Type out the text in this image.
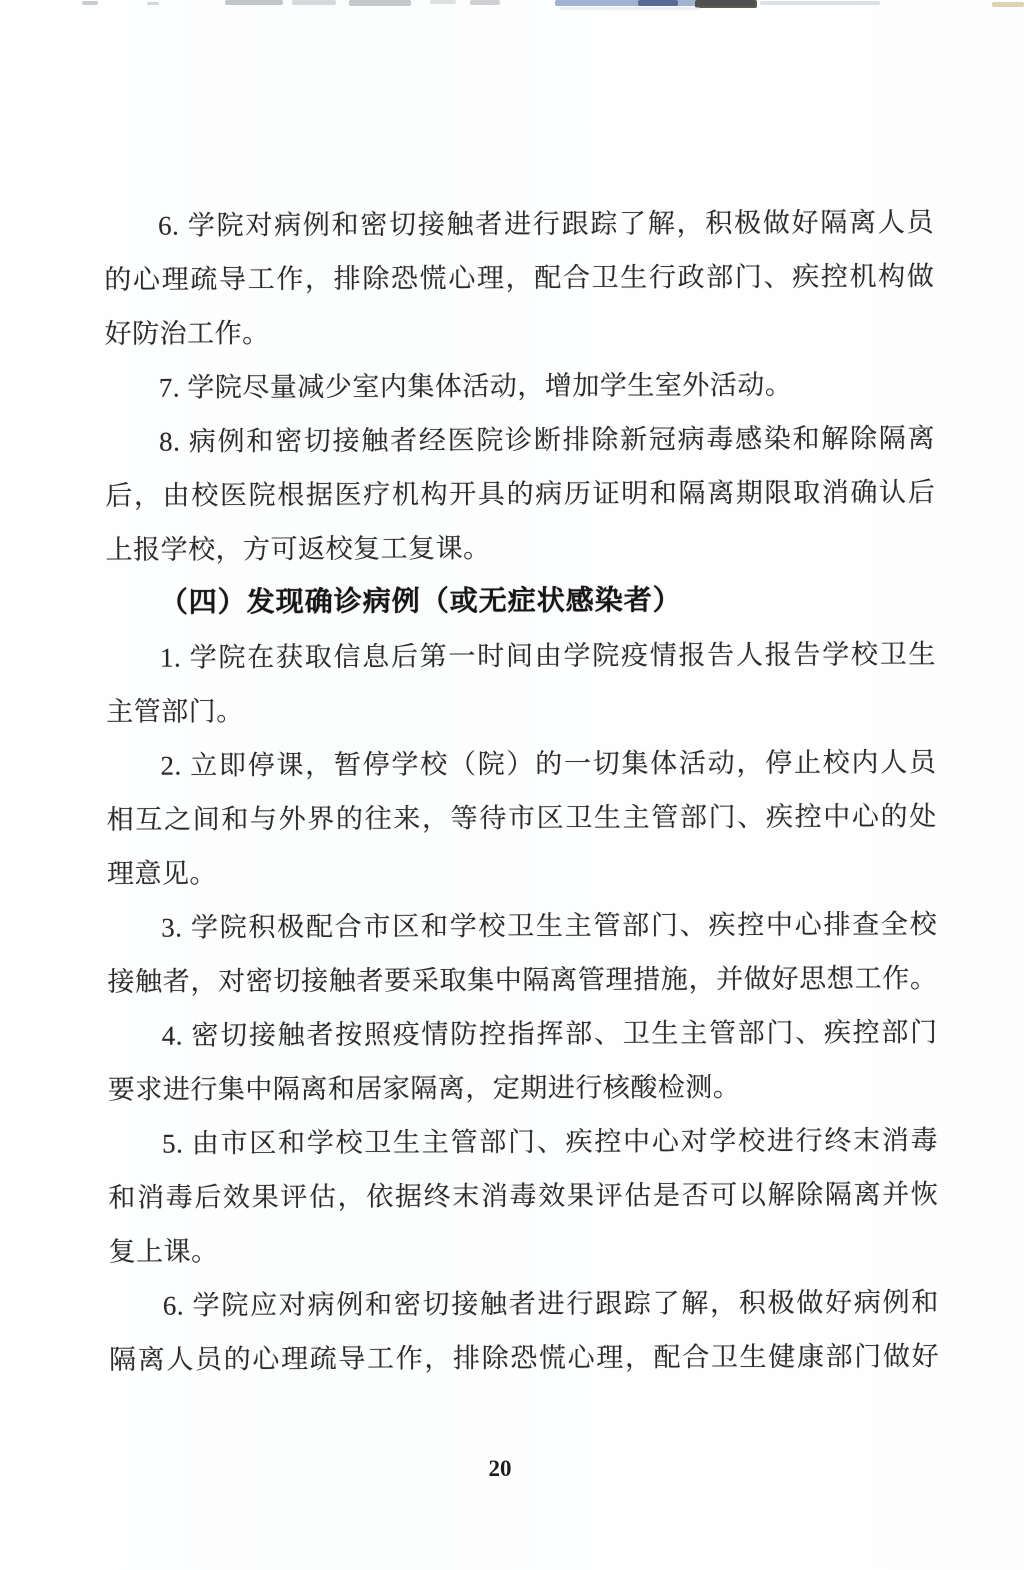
6. 学院对病例和密切接触者进行跟踪了解，积极做好隔离人员
的心理疏导工作，排除恐慌心理，配合卫生行政部门、疾控机构做
好防治工作。
7. 学院尽量减少室内集体活动，增加学生室外活动。
8. 病例和密切接触者经医院诊断排除新冠病毒感染和解除隔离
后，由校医院根据医疗机构开具的病历证明和隔离期限取消确认后
上报学校，方可返校复工复课。
（四）发现确诊病例（或无症状感染者）
1. 学院在获取信息后第一时间由学院疫情报告人报告学校卫生
主管部门。
2. 立即停课，暂停学校（院）的一切集体活动，停止校内人员
相互之间和与外界的往来，等待市区卫生主管部门、疾控中心的处
理意见。
3. 学院积极配合市区和学校卫生主管部门、疾控中心排查全校
接触者，对密切接触者要采取集中隔离管理措施，并做好思想工作。
4. 密切接触者按照疫情防控指挥部、卫生主管部门、疾控部门
要求进行集中隔离和居家隔离，定期进行核酸检测。
5. 由市区和学校卫生主管部门、疾控中心对学校进行终末消毒
和消毒后效果评估，依据终末消毒效果评估是否可以解除隔离并恢
复上课。
6. 学院应对病例和密切接触者进行跟踪了解，积极做好病例和
隔离人员的心理疏导工作，排除恐慌心理，配合卫生健康部门做好
20
